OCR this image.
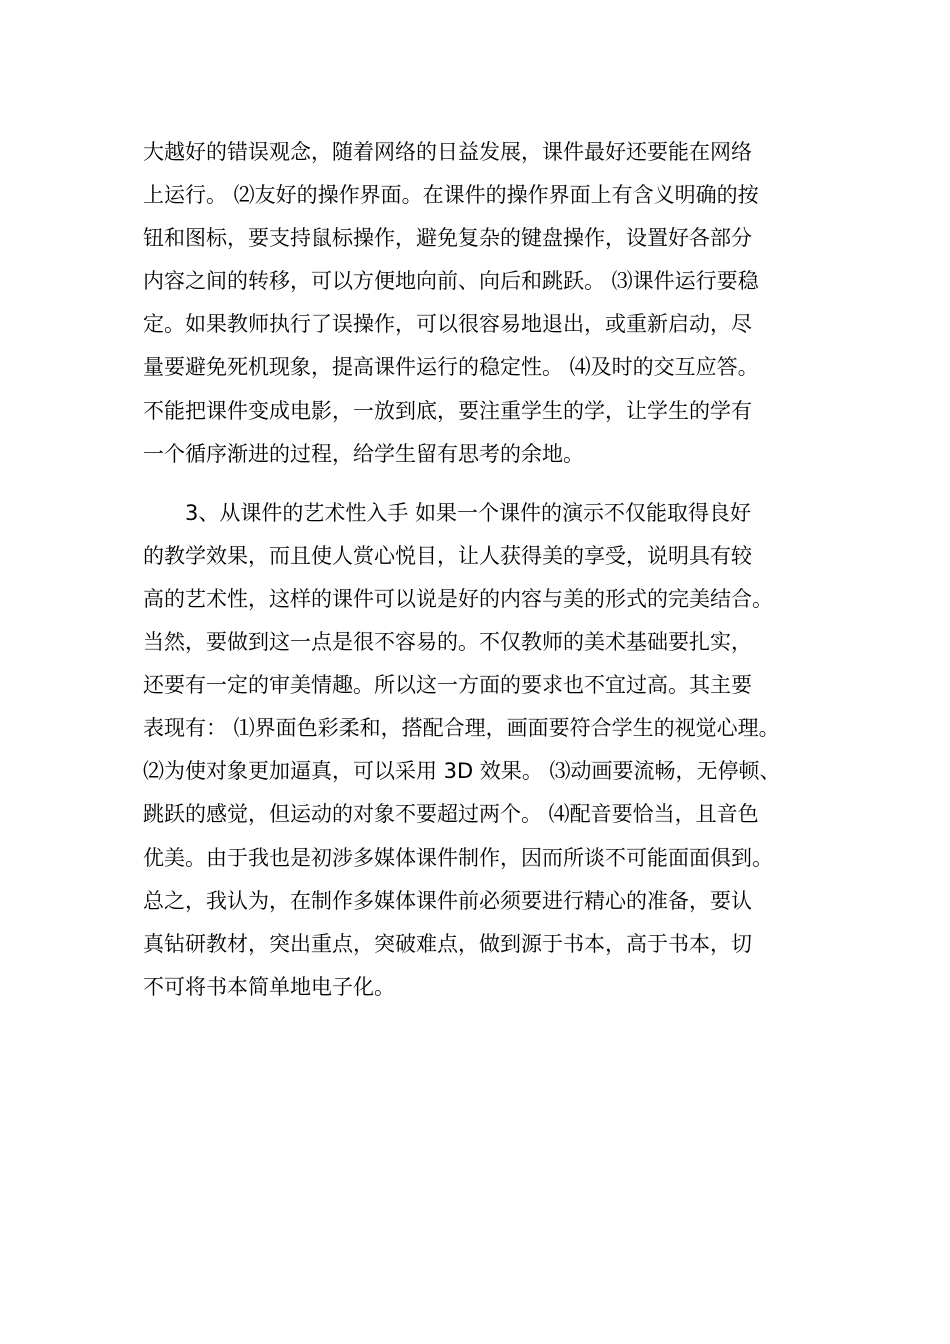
大越好的错误观念，随着网络的日益发展，课件最好还要能在网络
上运行。 ⑵友好的操作界面。在课件的操作界面上有含义明确的按
钮和图标，要支持鼠标操作，避免复杂的键盘操作，设置好各部分
内容之间的转移，可以方便地向前、向后和跳跃。 ⑶课件运行要稳
定。如果教师执行了误操作，可以很容易地退出，或重新启动，尽
量要避免死机现象，提高课件运行的稳定性。 ⑷及时的交互应答。
不能把课件变成电影，一放到底，要注重学生的学，让学生的学有
一个循序渐进的过程，给学生留有思考的余地。
3、从课件的艺术性入手 如果一个课件的演示不仅能取得良好
的教学效果，而且使人赏心悦目，让人获得美的享受，说明具有较
高的艺术性，这样的课件可以说是好的内容与美的形式的完美结合。
当然，要做到这一点是很不容易的。不仅教师的美术基础要扎实，
还要有一定的审美情趣。所以这一方面的要求也不宜过高。其主要
表现有： ⑴界面色彩柔和，搭配合理，画面要符合学生的视觉心理。
⑵为使对象更加逼真，可以采用 3D 效果。 ⑶动画要流畅，无停顿、
跳跃的感觉，但运动的对象不要超过两个。 ⑷配音要恰当，且音色
优美。由于我也是初涉多媒体课件制作，因而所谈不可能面面俱到。
总之，我认为，在制作多媒体课件前必须要进行精心的准备，要认
真钻研教材，突出重点，突破难点，做到源于书本，高于书本，切
不可将书本简单地电子化。
